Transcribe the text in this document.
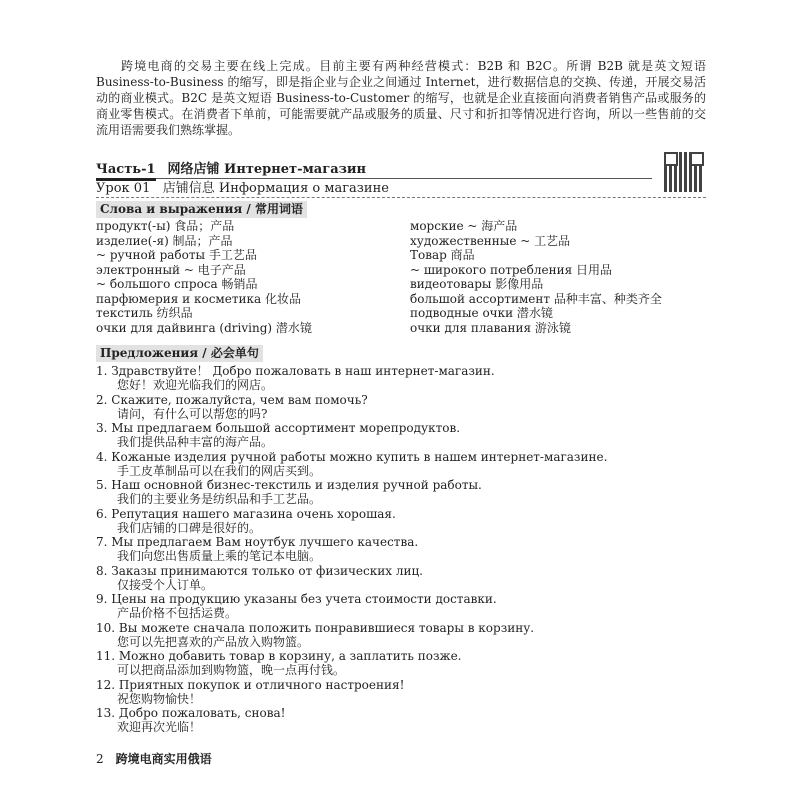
跨境电商的交易主要在线上完成。目前主要有两种经营模式：B2B 和 B2C。所谓 B2B 就是英文短语 Business-to-Business 的缩写，即是指企业与企业之间通过 Internet，进行数据信息的交换、传递，开展交易活动的商业模式。B2C 是英文短语 Business-to-Customer 的缩写，也就是企业直接面向消费者销售产品或服务的商业零售模式。在消费者下单前，可能需要就产品或服务的质量、尺寸和折扣等情况进行咨询，所以一些售前的交流用语需要我们熟练掌握。

Часть-1 网络店铺 Интернет-магазин
Урок 01 店铺信息 Информация о магазине
Слова и выражения / 常用词语
продукт(-ы) 食品；产品
изделие(-я) 制品；产品
~ ручной работы 手工艺品
электронный ~ 电子产品
~ большого спроса 畅销品
парфюмерия и косметика 化妆品
текстиль 纺织品
очки для дайвинга (driving) 潜水镜
морские ~ 海产品
художественные ~ 工艺品
Товар 商品
~ широкого потребления 日用品
видеотовары 影像用品
большой ассортимент 品种丰富、种类齐全
подводные очки 潜水镜
очки для плавания 游泳镜
Предложения / 必会单句
1. Здравствуйте！ Добро пожаловать в наш интернет-магазин.
您好！欢迎光临我们的网店。
2. Скажите, пожалуйста, чем вам помочь?
请问，有什么可以帮您的吗?
3. Мы предлагаем большой ассортимент морепродуктов.
我们提供品种丰富的海产品。
4. Кожаные изделия ручной работы можно купить в нашем интернет-магазине.
手工皮革制品可以在我们的网店买到。
5. Наш основной бизнес-текстиль и изделия ручной работы.
我们的主要业务是纺织品和手工艺品。
6. Репутация нашего магазина очень хорошая.
我们店铺的口碑是很好的。
7. Мы предлагаем Вам ноутбук лучшего качества.
我们向您出售质量上乘的笔记本电脑。
8. Заказы принимаются только от физических лиц.
仅接受个人订单。
9. Цены на продукцию указаны без учета стоимости доставки.
产品价格不包括运费。
10. Вы можете сначала положить понравившиеся товары в корзину.
您可以先把喜欢的产品放入购物篮。
11. Можно добавить товар в корзину, а заплатить позже.
可以把商品添加到购物篮，晚一点再付钱。
12. Приятных покупок и отличного настроения!
祝您购物愉快！
13. Добро пожаловать, снова!
欢迎再次光临！
2 跨境电商实用俄语
